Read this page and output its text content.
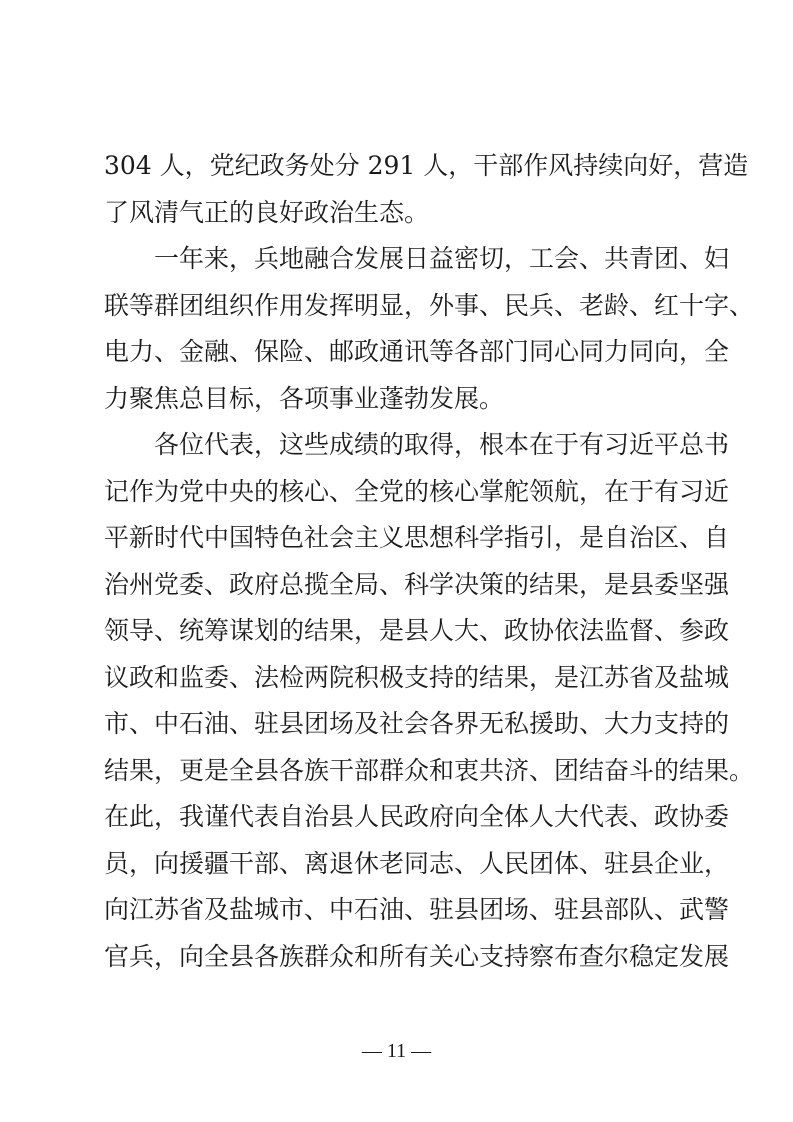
304 人，党纪政务处分 291 人，干部作风持续向好，营造
了风清气正的良好政治生态。
一年来，兵地融合发展日益密切，工会、共青团、妇
联等群团组织作用发挥明显，外事、民兵、老龄、红十字、
电力、金融、保险、邮政通讯等各部门同心同力同向，全
力聚焦总目标，各项事业蓬勃发展。
各位代表，这些成绩的取得，根本在于有习近平总书
记作为党中央的核心、全党的核心掌舵领航，在于有习近
平新时代中国特色社会主义思想科学指引，是自治区、自
治州党委、政府总揽全局、科学决策的结果，是县委坚强
领导、统筹谋划的结果，是县人大、政协依法监督、参政
议政和监委、法检两院积极支持的结果，是江苏省及盐城
市、中石油、驻县团场及社会各界无私援助、大力支持的
结果，更是全县各族干部群众和衷共济、团结奋斗的结果。
在此，我谨代表自治县人民政府向全体人大代表、政协委
员，向援疆干部、离退休老同志、人民团体、驻县企业，
向江苏省及盐城市、中石油、驻县团场、驻县部队、武警
官兵，向全县各族群众和所有关心支持察布查尔稳定发展
— 11 —
